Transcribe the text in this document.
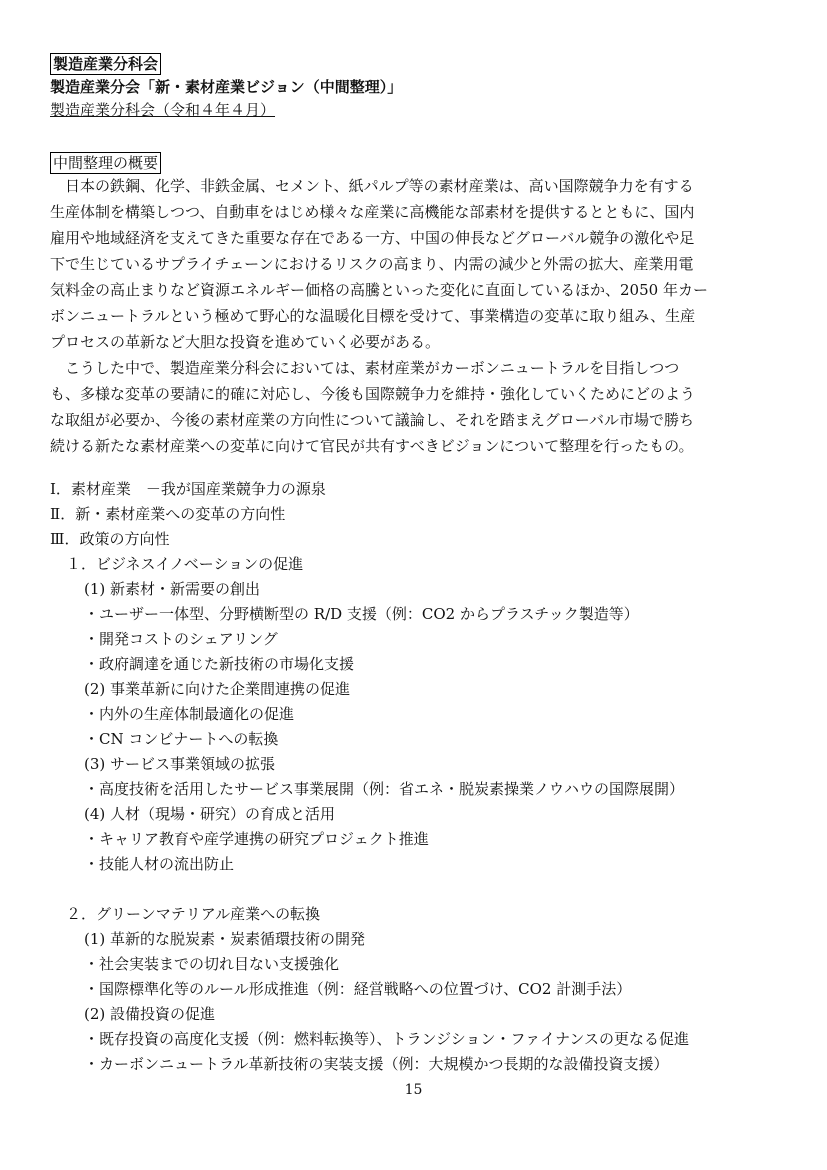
製造産業分科会
製造産業分会「新・素材産業ビジョン（中間整理）」
製造産業分科会（令和４年４月）
中間整理の概要
日本の鉄鋼、化学、非鉄金属、セメント、紙パルプ等の素材産業は、高い国際競争力を有する
生産体制を構築しつつ、自動車をはじめ様々な産業に高機能な部素材を提供するとともに、国内
雇用や地域経済を支えてきた重要な存在である一方、中国の伸長などグローバル競争の激化や足
下で生じているサプライチェーンにおけるリスクの高まり、内需の減少と外需の拡大、産業用電
気料金の高止まりなど資源エネルギー価格の高騰といった変化に直面しているほか、2050 年カー
ボンニュートラルという極めて野心的な温暖化目標を受けて、事業構造の変革に取り組み、生産
プロセスの革新など大胆な投資を進めていく必要がある。
こうした中で、製造産業分科会においては、素材産業がカーボンニュートラルを目指しつつ
も、多様な変革の要請に的確に対応し、今後も国際競争力を維持・強化していくためにどのよう
な取組が必要か、今後の素材産業の方向性について議論し、それを踏まえグローバル市場で勝ち
続ける新たな素材産業への変革に向けて官民が共有すべきビジョンについて整理を行ったもの。
Ⅰ．素材産業　－我が国産業競争力の源泉
Ⅱ．新・素材産業への変革の方向性
Ⅲ．政策の方向性
１．ビジネスイノベーションの促進
(1) 新素材・新需要の創出
・ユーザー一体型、分野横断型の R/D 支援（例：CO2 からプラスチック製造等）
・開発コストのシェアリング
・政府調達を通じた新技術の市場化支援
(2) 事業革新に向けた企業間連携の促進
・内外の生産体制最適化の促進
・CN コンビナートへの転換
(3) サービス事業領域の拡張
・高度技術を活用したサービス事業展開（例：省エネ・脱炭素操業ノウハウの国際展開）
(4) 人材（現場・研究）の育成と活用
・キャリア教育や産学連携の研究プロジェクト推進
・技能人材の流出防止
２．グリーンマテリアル産業への転換
(1) 革新的な脱炭素・炭素循環技術の開発
・社会実装までの切れ目ない支援強化
・国際標準化等のルール形成推進（例：経営戦略への位置づけ、CO2 計測手法）
(2) 設備投資の促進
・既存投資の高度化支援（例：燃料転換等）、トランジション・ファイナンスの更なる促進
・カーボンニュートラル革新技術の実装支援（例：大規模かつ長期的な設備投資支援）
15
